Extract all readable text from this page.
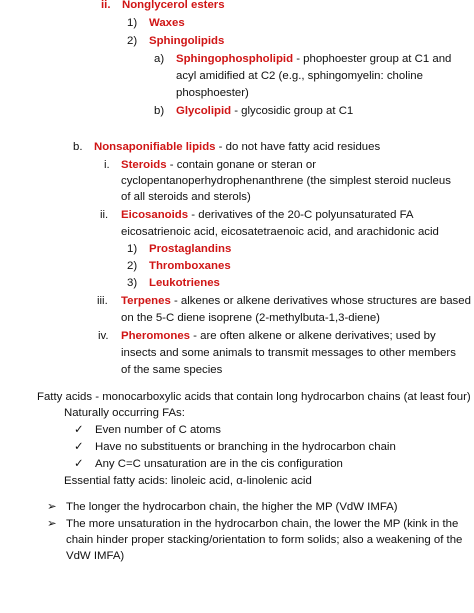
ii. Nonglycerol esters
1) Waxes
2) Sphingolipids
a) Sphingophospholipid - phophoester group at C1 and
acyl amidified at C2 (e.g., sphingomyelin: choline
phosphoester)
b) Glycolipid - glycosidic group at C1
b. Nonsaponifiable lipids - do not have fatty acid residues
i. Steroids - contain gonane or steran or
cyclopentanoperhydrophenanthrene (the simplest steroid nucleus
of all steroids and sterols)
ii. Eicosanoids - derivatives of the 20-C polyunsaturated FA
eicosatrienoic acid, eicosatetraenoic acid, and arachidonic acid
1) Prostaglandins
2) Thromboxanes
3) Leukotrienes
iii. Terpenes - alkenes or alkene derivatives whose structures are based
on the 5-C diene isoprene (2-methylbuta-1,3-diene)
iv. Pheromones - are often alkene or alkene derivatives; used by
insects and some animals to transmit messages to other members
of the same species
Fatty acids - monocarboxylic acids that contain long hydrocarbon chains (at least four)
Naturally occurring FAs:
✓ Even number of C atoms
✓ Have no substituents or branching in the hydrocarbon chain
✓ Any C=C unsaturation are in the cis configuration
Essential fatty acids: linoleic acid, α-linolenic acid
➢ The longer the hydrocarbon chain, the higher the MP (VdW IMFA)
➢ The more unsaturation in the hydrocarbon chain, the lower the MP (kink in the
chain hinder proper stacking/orientation to form solids; also a weakening of the
VdW IMFA)
